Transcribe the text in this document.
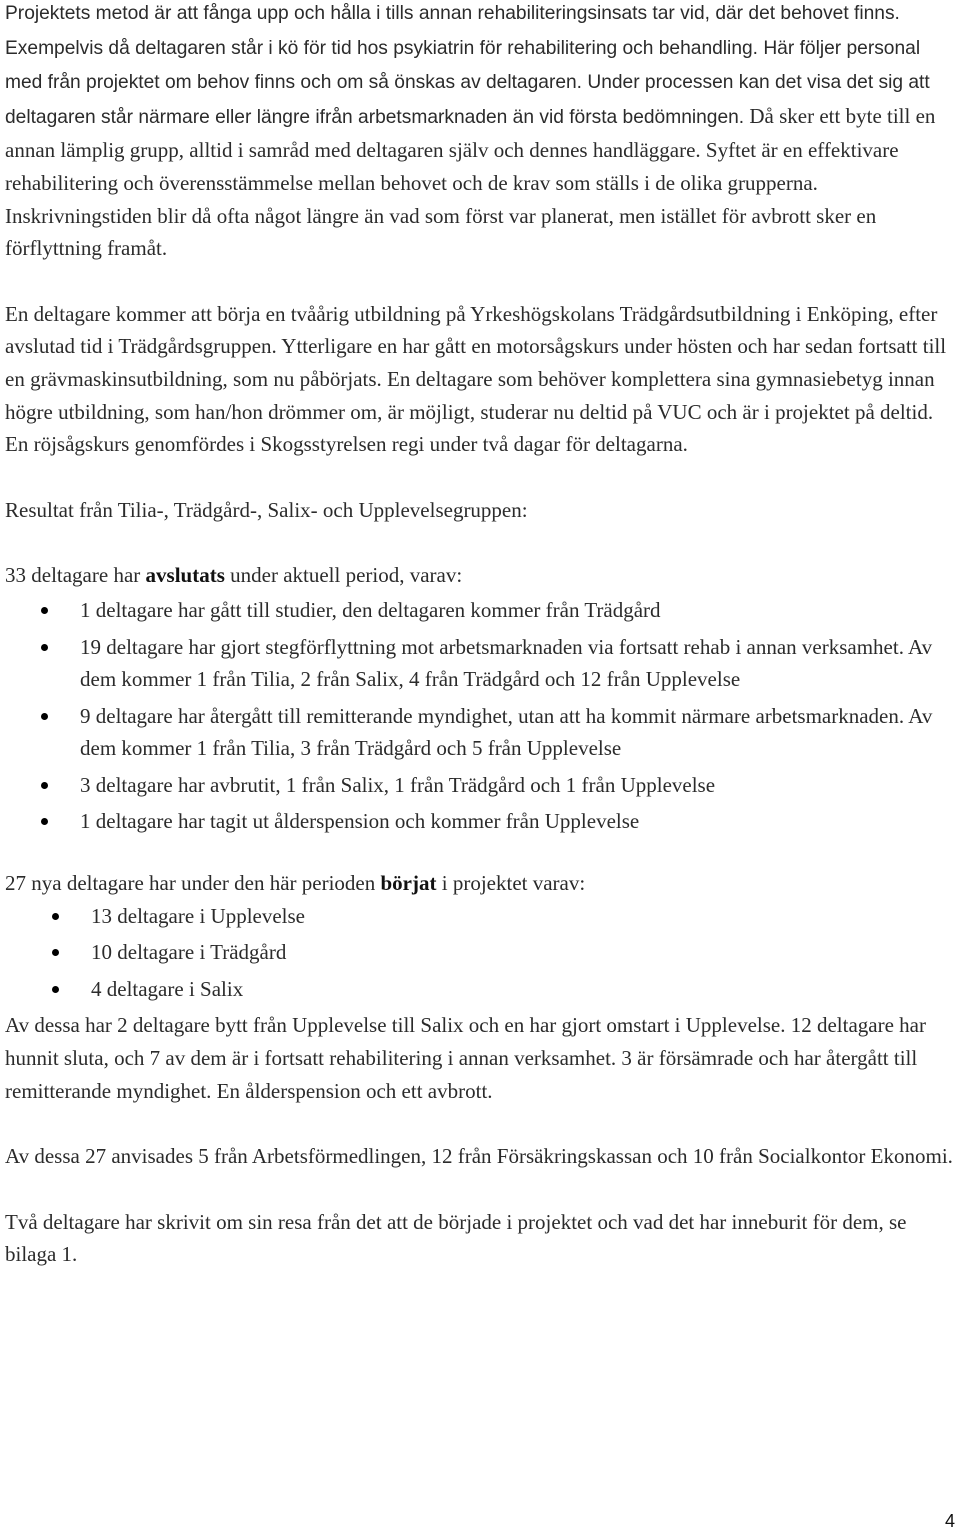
Projektets metod är att fånga upp och hålla i tills annan rehabiliteringsinsats tar vid, där det behovet finns. Exempelvis då deltagaren står i kö för tid hos psykiatrin för rehabilitering och behandling. Här följer personal med från projektet om behov finns och om så önskas av deltagaren. Under processen kan det visa det sig att deltagaren står närmare eller längre ifrån arbetsmarknaden än vid första bedömningen. Då sker ett byte till en annan lämplig grupp, alltid i samråd med deltagaren själv och dennes handläggare. Syftet är en effektivare rehabilitering och överensstämmelse mellan behovet och de krav som ställs i de olika grupperna. Inskrivningstiden blir då ofta något längre än vad som först var planerat, men istället för avbrott sker en förflyttning framåt.

En deltagare kommer att börja en tvåårig utbildning på Yrkeshögskolans Trädgårdsutbildning i Enköping, efter avslutad tid i Trädgårdsgruppen. Ytterligare en har gått en motorsågskurs under hösten och har sedan fortsatt till en grävmaskinsutbildning, som nu påbörjats. En deltagare som behöver komplettera sina gymnasiebetyg innan högre utbildning, som han/hon drömmer om, är möjligt, studerar nu deltid på VUC och är i projektet på deltid. En röjsågskurs genomfördes i Skogsstyrelsen regi under två dagar för deltagarna.

Resultat från Tilia-, Trädgård-, Salix- och Upplevelsegruppen:

33 deltagare har avslutats under aktuell period, varav:

1 deltagare har gått till studier, den deltagaren kommer från Trädgård
19 deltagare har gjort stegförflyttning mot arbetsmarknaden via fortsatt rehab i annan verksamhet. Av dem kommer 1 från Tilia, 2 från Salix, 4 från Trädgård och 12 från Upplevelse
9 deltagare har återgått till remitterande myndighet, utan att ha kommit närmare arbetsmarknaden. Av dem kommer 1 från Tilia, 3 från Trädgård och 5 från Upplevelse
3 deltagare har avbrutit, 1 från Salix, 1 från Trädgård och 1 från Upplevelse
1 deltagare har tagit ut ålderspension och kommer från Upplevelse

27 nya deltagare har under den här perioden börjat i projektet varav:

13 deltagare i Upplevelse
10 deltagare i Trädgård
4 deltagare i Salix

Av dessa har 2 deltagare bytt från Upplevelse till Salix och en har gjort omstart i Upplevelse. 12 deltagare har hunnit sluta, och 7 av dem är i fortsatt rehabilitering i annan verksamhet. 3 är försämrade och har återgått till remitterande myndighet. En ålderspension och ett avbrott.

Av dessa 27 anvisades 5 från Arbetsförmedlingen, 12 från Försäkringskassan och 10 från Socialkontor Ekonomi.

Två deltagare har skrivit om sin resa från det att de började i projektet och vad det har inneburit för dem, se bilaga 1.

4
